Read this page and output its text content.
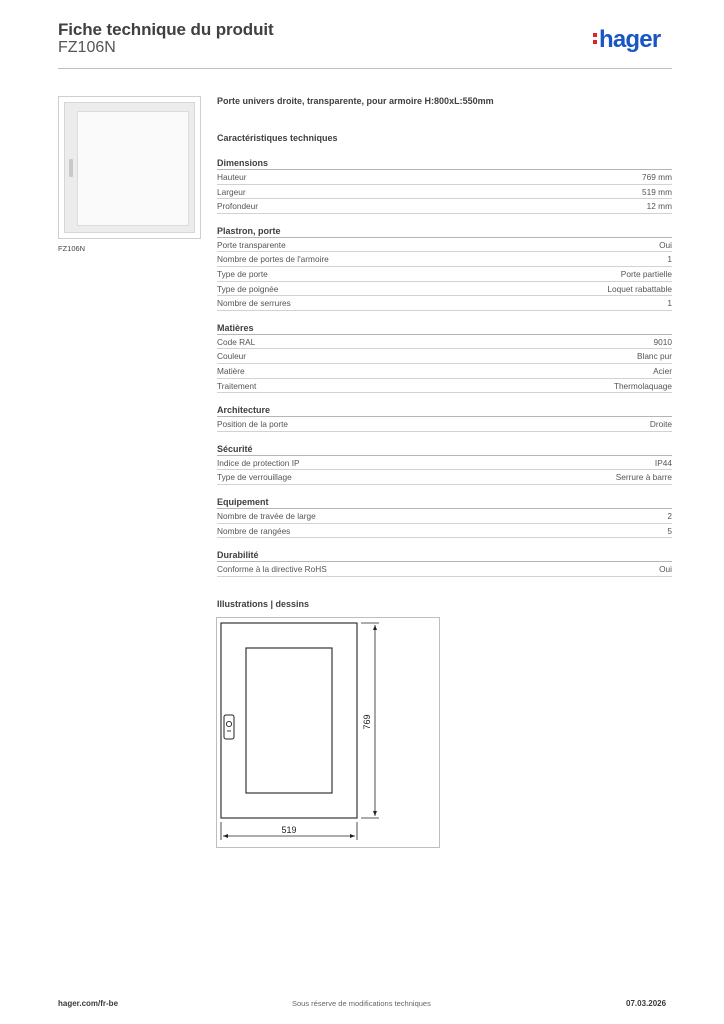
Fiche technique du produit
FZ106N	hager
FZ106N
Porte univers droite, transparente, pour armoire H:800xL:550mm
Caractéristiques techniques
Dimensions
Hauteur	769 mm
Largeur	519 mm
Profondeur	12 mm
Plastron, porte
Porte transparente	Oui
Nombre de portes de l'armoire	1
Type de porte	Porte partielle
Type de poignée	Loquet rabattable
Nombre de serrures	1
Matières
Code RAL	9010
Couleur	Blanc pur
Matière	Acier
Traitement	Thermolaquage
Architecture
Position de la porte	Droite
Sécurité
Indice de protection IP	IP44
Type de verrouillage	Serrure à barre
Equipement
Nombre de travée de large	2
Nombre de rangées	5
Durabilité
Conforme à la directive RoHS	Oui
Illustrations | dessins
519
769
hager.com/fr-be	Sous réserve de modifications techniques	07.03.2026
